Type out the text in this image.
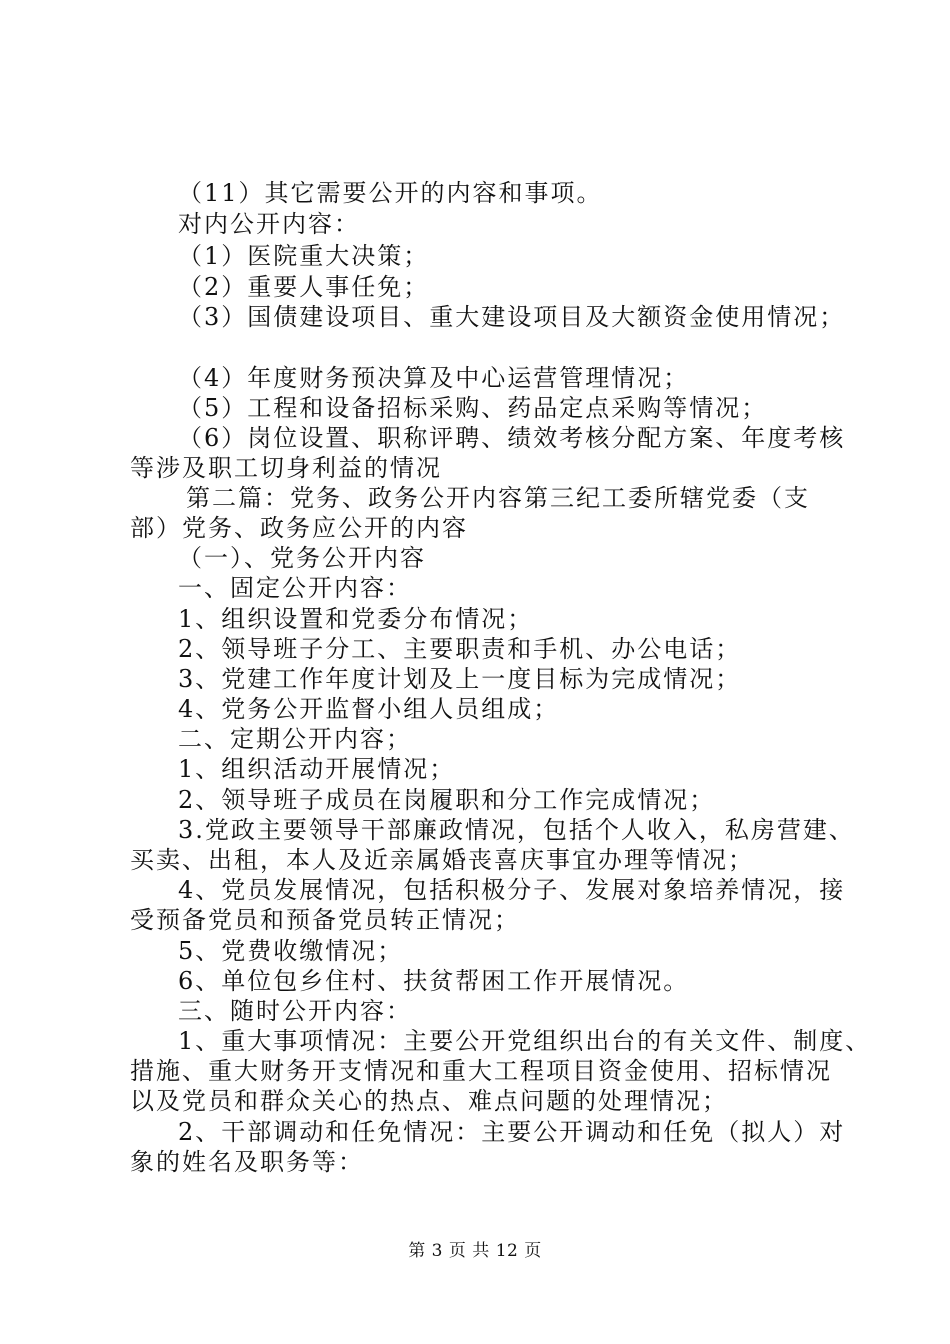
（11）其它需要公开的内容和事项。
对内公开内容：
（1）医院重大决策；
（2）重要人事任免；
（3）国债建设项目、重大建设项目及大额资金使用情况；
（4）年度财务预决算及中心运营管理情况；
（5）工程和设备招标采购、药品定点采购等情况；
（6）岗位设置、职称评聘、绩效考核分配方案、年度考核
等涉及职工切身利益的情况
第二篇：党务、政务公开内容第三纪工委所辖党委（支
部）党务、政务应公开的内容
（一）、党务公开内容
一、固定公开内容：
1、组织设置和党委分布情况；
2、领导班子分工、主要职责和手机、办公电话；
3、党建工作年度计划及上一度目标为完成情况；
4、党务公开监督小组人员组成；
二、定期公开内容；
1、组织活动开展情况；
2、领导班子成员在岗履职和分工作完成情况；
3.党政主要领导干部廉政情况，包括个人收入，私房营建、
买卖、出租，本人及近亲属婚丧喜庆事宜办理等情况；
4、党员发展情况，包括积极分子、发展对象培养情况，接
受预备党员和预备党员转正情况；
5、党费收缴情况；
6、单位包乡住村、扶贫帮困工作开展情况。
三、随时公开内容：
1、重大事项情况：主要公开党组织出台的有关文件、制度、
措施、重大财务开支情况和重大工程项目资金使用、招标情况
以及党员和群众关心的热点、难点问题的处理情况；
2、干部调动和任免情况：主要公开调动和任免（拟人）对
象的姓名及职务等：
第 3 页 共 12 页
